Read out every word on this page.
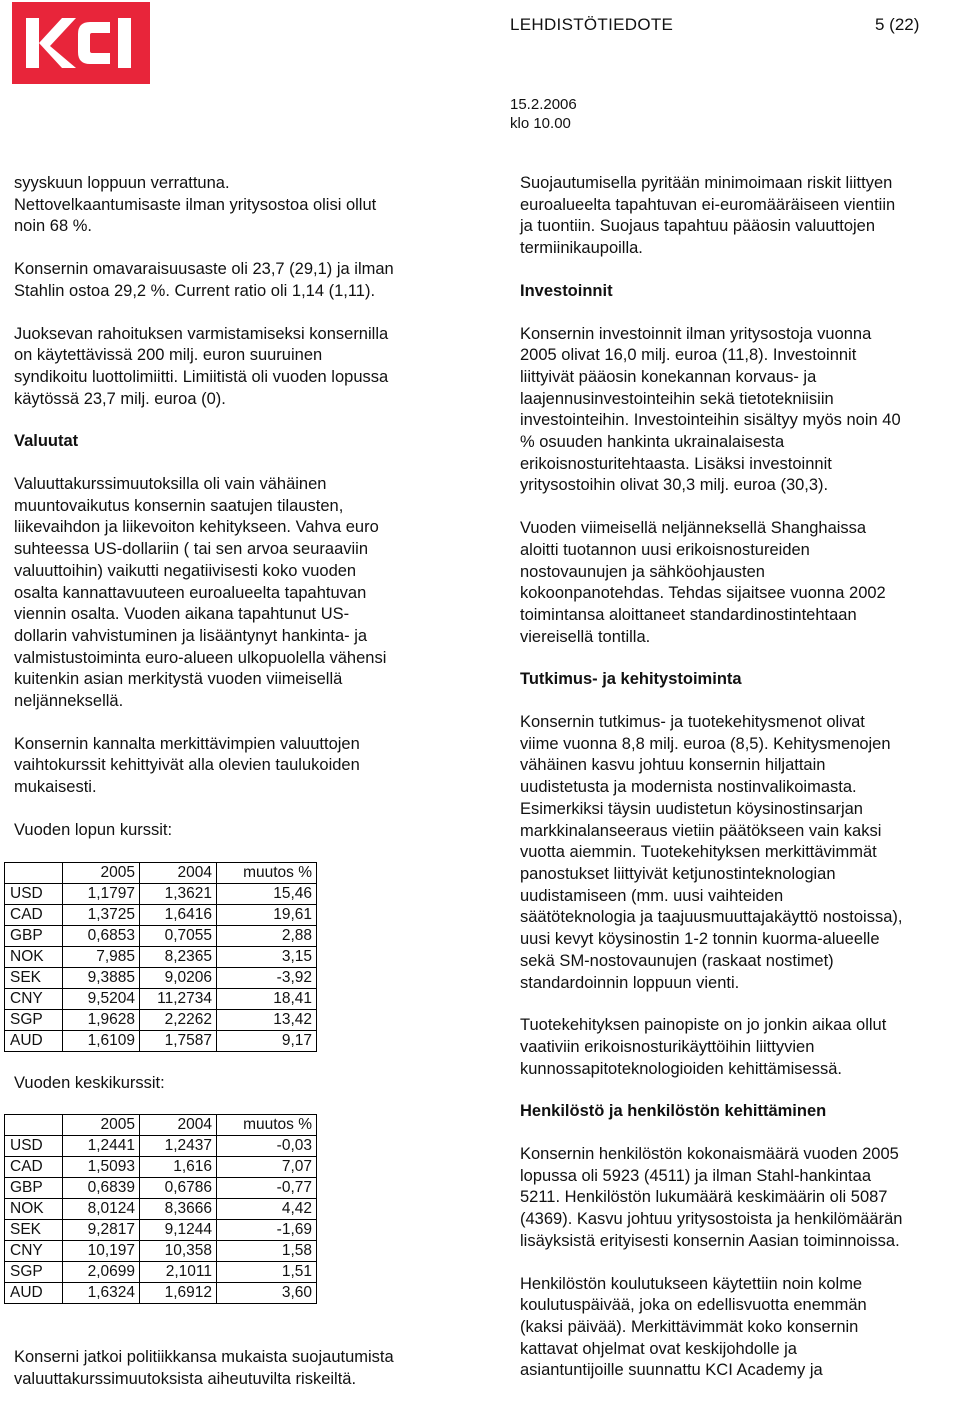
LEHDISTÖTIEDOTE	5 (22)
15.2.2006
klo 10.00

syyskuun loppuun verrattuna.
Nettovelkaantumisaste ilman yritysostoa olisi ollut
noin 68 %.

Konsernin omavaraisuusaste oli 23,7 (29,1) ja ilman
Stahlin ostoa 29,2 %. Current ratio oli 1,14 (1,11).

Juoksevan rahoituksen varmistamiseksi konsernilla
on käytettävissä 200 milj. euron suuruinen
syndikoitu luottolimiitti. Limiitistä oli vuoden lopussa
käytössä 23,7 milj. euroa (0).

Valuutat

Valuuttakurssimuutoksilla oli vain vähäinen
muuntovaikutus konsernin saatujen tilausten,
liikevaihdon ja liikevoiton kehitykseen. Vahva euro
suhteessa US-dollariin ( tai sen arvoa seuraaviin
valuuttoihin) vaikutti negatiivisesti koko vuoden
osalta kannattavuuteen euroalueelta tapahtuvan
viennin osalta. Vuoden aikana tapahtunut US-
dollarin vahvistuminen ja lisääntynyt hankinta- ja
valmistustoiminta euro-alueen ulkopuolella vähensi
kuitenkin asian merkitystä vuoden viimeisellä
neljänneksellä.

Konsernin kannalta merkittävimpien valuuttojen
vaihtokurssit kehittyivät alla olevien taulukoiden
mukaisesti.

Vuoden lopun kurssit:

	2005	2004	muutos %
USD	1,1797	1,3621	15,46
CAD	1,3725	1,6416	19,61
GBP	0,6853	0,7055	2,88
NOK	7,985	8,2365	3,15
SEK	9,3885	9,0206	-3,92
CNY	9,5204	11,2734	18,41
SGP	1,9628	2,2262	13,42
AUD	1,6109	1,7587	9,17

Vuoden keskikurssit:

	2005	2004	muutos %
USD	1,2441	1,2437	-0,03
CAD	1,5093	1,616	7,07
GBP	0,6839	0,6786	-0,77
NOK	8,0124	8,3666	4,42
SEK	9,2817	9,1244	-1,69
CNY	10,197	10,358	1,58
SGP	2,0699	2,1011	1,51
AUD	1,6324	1,6912	3,60

Konserni jatkoi politiikkansa mukaista suojautumista
valuuttakurssimuutoksista aiheutuvilta riskeiltä.

Suojautumisella pyritään minimoimaan riskit liittyen
euroalueelta tapahtuvan ei-euromääräiseen vientiin
ja tuontiin. Suojaus tapahtuu pääosin valuuttojen
termiinikaupoilla.

Investoinnit

Konsernin investoinnit ilman yritysostoja vuonna
2005 olivat 16,0 milj. euroa (11,8). Investoinnit
liittyivät pääosin konekannan korvaus- ja
laajennusinvestointeihin sekä tietotekniisiin
investointeihin. Investointeihin sisältyy myös noin 40
% osuuden hankinta ukrainalaisesta
erikoisnosturitehtaasta. Lisäksi investoinnit
yritysostoihin olivat 30,3 milj. euroa (30,3).

Vuoden viimeisellä neljänneksellä Shanghaissa
aloitti tuotannon uusi erikoisnostureiden
nostovaunujen ja sähköohjausten
kokoonpanotehdas. Tehdas sijaitsee vuonna 2002
toimintansa aloittaneet standardinostintehtaan
viereisellä tontilla.

Tutkimus- ja kehitystoiminta

Konsernin tutkimus- ja tuotekehitysmenot olivat
viime vuonna 8,8 milj. euroa (8,5). Kehitysmenojen
vähäinen kasvu johtuu konsernin hiljattain
uudistetusta ja modernista nostinvalikoimasta.
Esimerkiksi täysin uudistetun köysinostinsarjan
markkinalanseeraus vietiin päätökseen vain kaksi
vuotta aiemmin. Tuotekehityksen merkittävimmät
panostukset liittyivät ketjunostinteknologian
uudistamiseen (mm. uusi vaihteiden
säätöteknologia ja taajuusmuuttajakäyttö nostoissa),
uusi kevyt köysinostin 1-2 tonnin kuorma-alueelle
sekä SM-nostovaunujen (raskaat nostimet)
standardoinnin loppuun vienti.

Tuotekehityksen painopiste on jo jonkin aikaa ollut
vaativiin erikoisnosturikäyttöihin liittyvien
kunnossapitoteknologioiden kehittämisessä.

Henkilöstö ja henkilöstön kehittäminen

Konsernin henkilöstön kokonaismäärä vuoden 2005
lopussa oli 5923 (4511) ja ilman Stahl-hankintaa
5211. Henkilöstön lukumäärä keskimäärin oli 5087
(4369). Kasvu johtuu yritysostoista ja henkilömäärän
lisäyksistä erityisesti konsernin Aasian toiminnoissa.

Henkilöstön koulutukseen käytettiin noin kolme
koulutuspäivää, joka on edellisvuotta enemmän
(kaksi päivää). Merkittävimmät koko konsernin
kattavat ohjelmat ovat keskijohdolle ja
asiantuntijoille suunnattu KCI Academy ja
